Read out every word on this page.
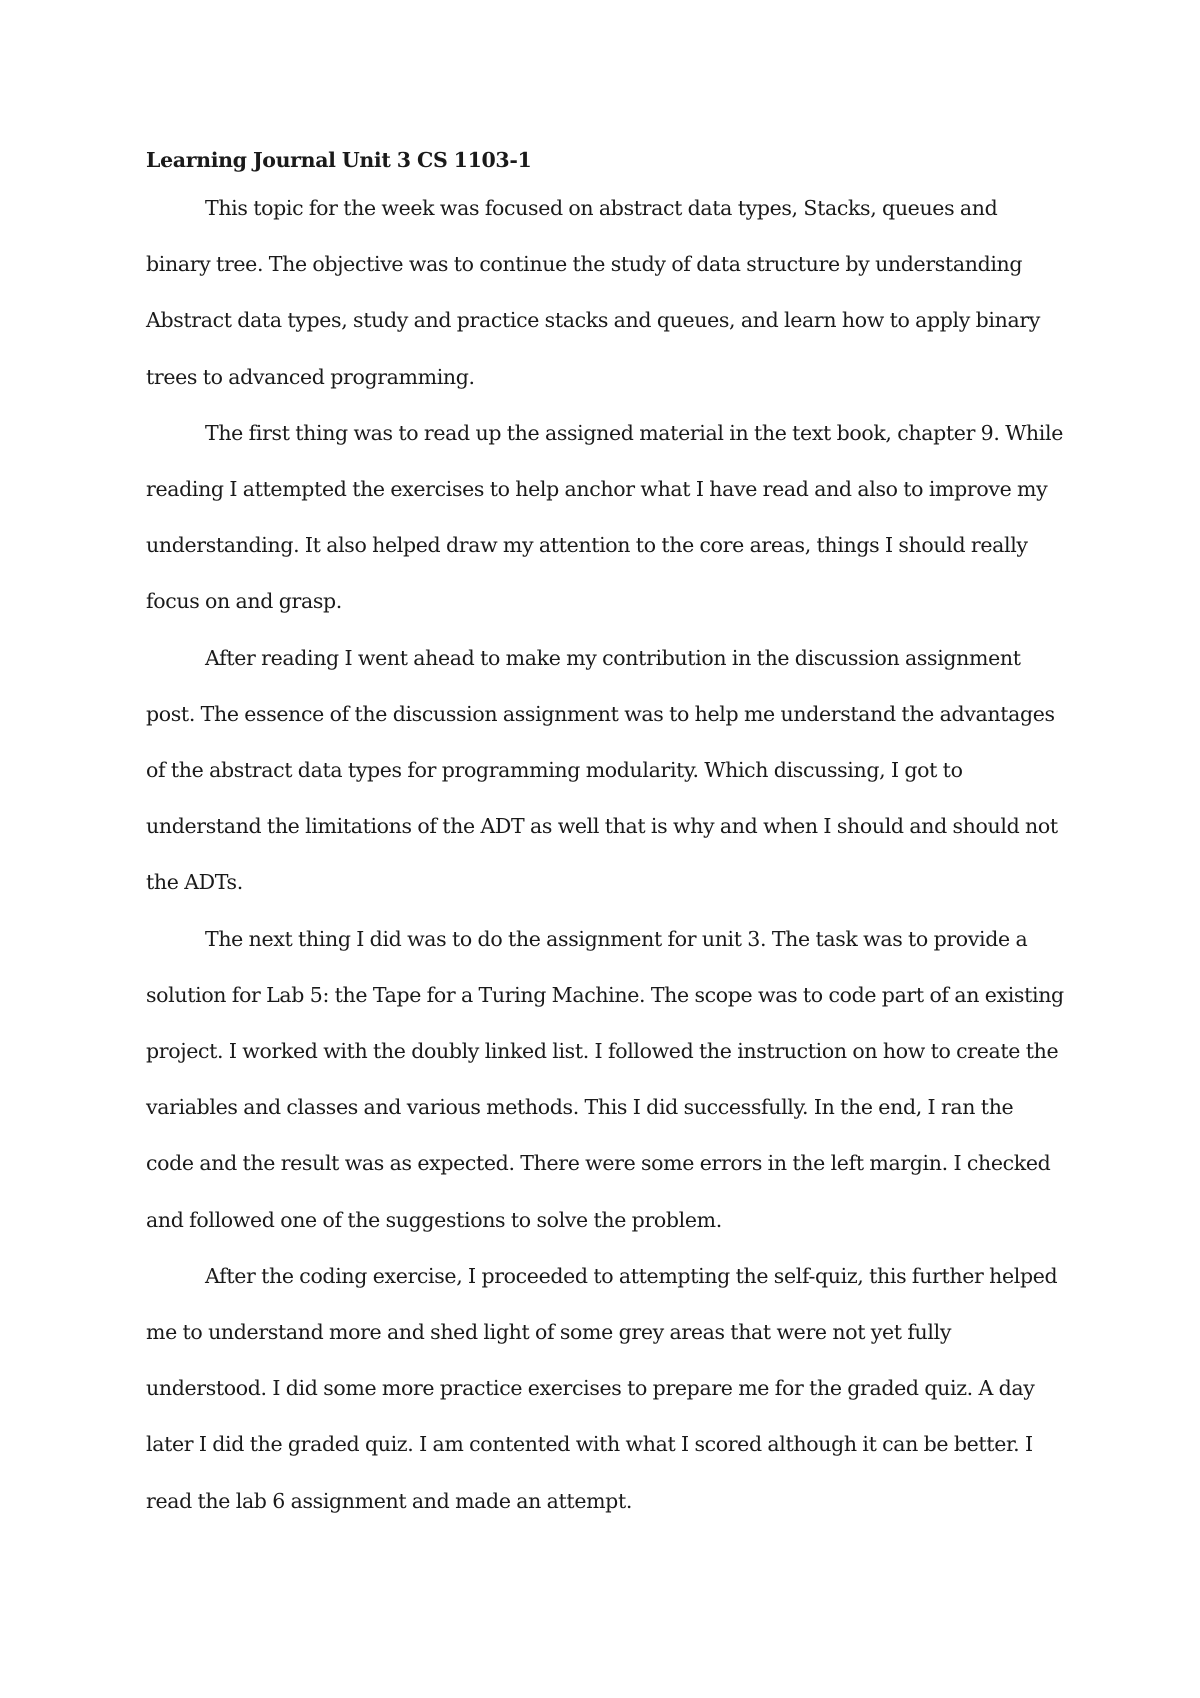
Learning Journal Unit 3 CS 1103-1

This topic for the week was focused on abstract data types, Stacks, queues and binary tree. The objective was to continue the study of data structure by understanding Abstract data types, study and practice stacks and queues, and learn how to apply binary trees to advanced programming.

The first thing was to read up the assigned material in the text book, chapter 9. While reading I attempted the exercises to help anchor what I have read and also to improve my understanding. It also helped draw my attention to the core areas, things I should really focus on and grasp.

After reading I went ahead to make my contribution in the discussion assignment post. The essence of the discussion assignment was to help me understand the advantages of the abstract data types for programming modularity. Which discussing, I got to understand the limitations of the ADT as well that is why and when I should and should not the ADTs.

The next thing I did was to do the assignment for unit 3. The task was to provide a solution for Lab 5: the Tape for a Turing Machine. The scope was to code part of an existing project. I worked with the doubly linked list. I followed the instruction on how to create the variables and classes and various methods. This I did successfully. In the end, I ran the code and the result was as expected. There were some errors in the left margin. I checked and followed one of the suggestions to solve the problem.

After the coding exercise, I proceeded to attempting the self-quiz, this further helped me to understand more and shed light of some grey areas that were not yet fully understood. I did some more practice exercises to prepare me for the graded quiz. A day later I did the graded quiz. I am contented with what I scored although it can be better. I read the lab 6 assignment and made an attempt.
